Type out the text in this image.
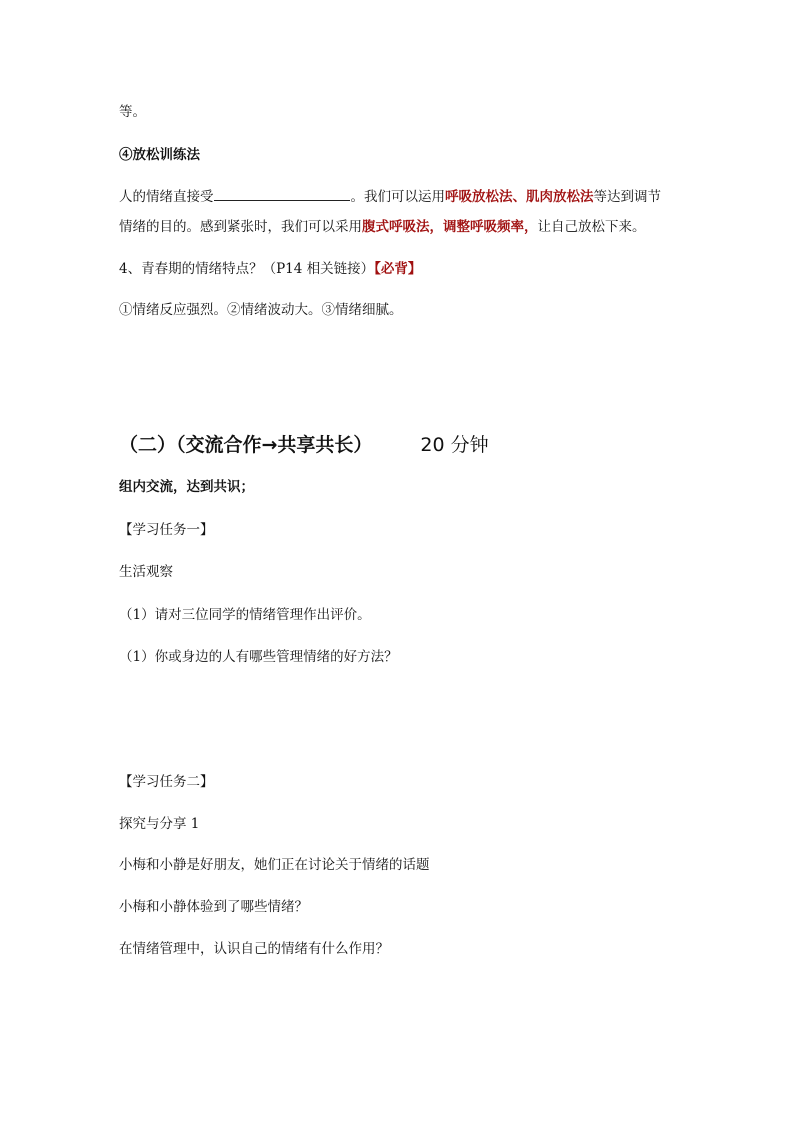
等。
④放松训练法
人的情绪直接受	。我们可以运用呼吸放松法、肌肉放松法等达到调节
情绪的目的。感到紧张时，我们可以采用腹式呼吸法，调整呼吸频率，让自己放松下来。
4、青春期的情绪特点？（P14 相关链接）【必背】
①情绪反应强烈。②情绪波动大。③情绪细腻。
（二）（交流合作→共享共长）	20 分钟
组内交流，达到共识；
【学习任务一】
生活观察
（1）请对三位同学的情绪管理作出评价。
（1）你或身边的人有哪些管理情绪的好方法？
【学习任务二】
探究与分享 1
小梅和小静是好朋友，她们正在讨论关于情绪的话题
小梅和小静体验到了哪些情绪？
在情绪管理中，认识自己的情绪有什么作用？
